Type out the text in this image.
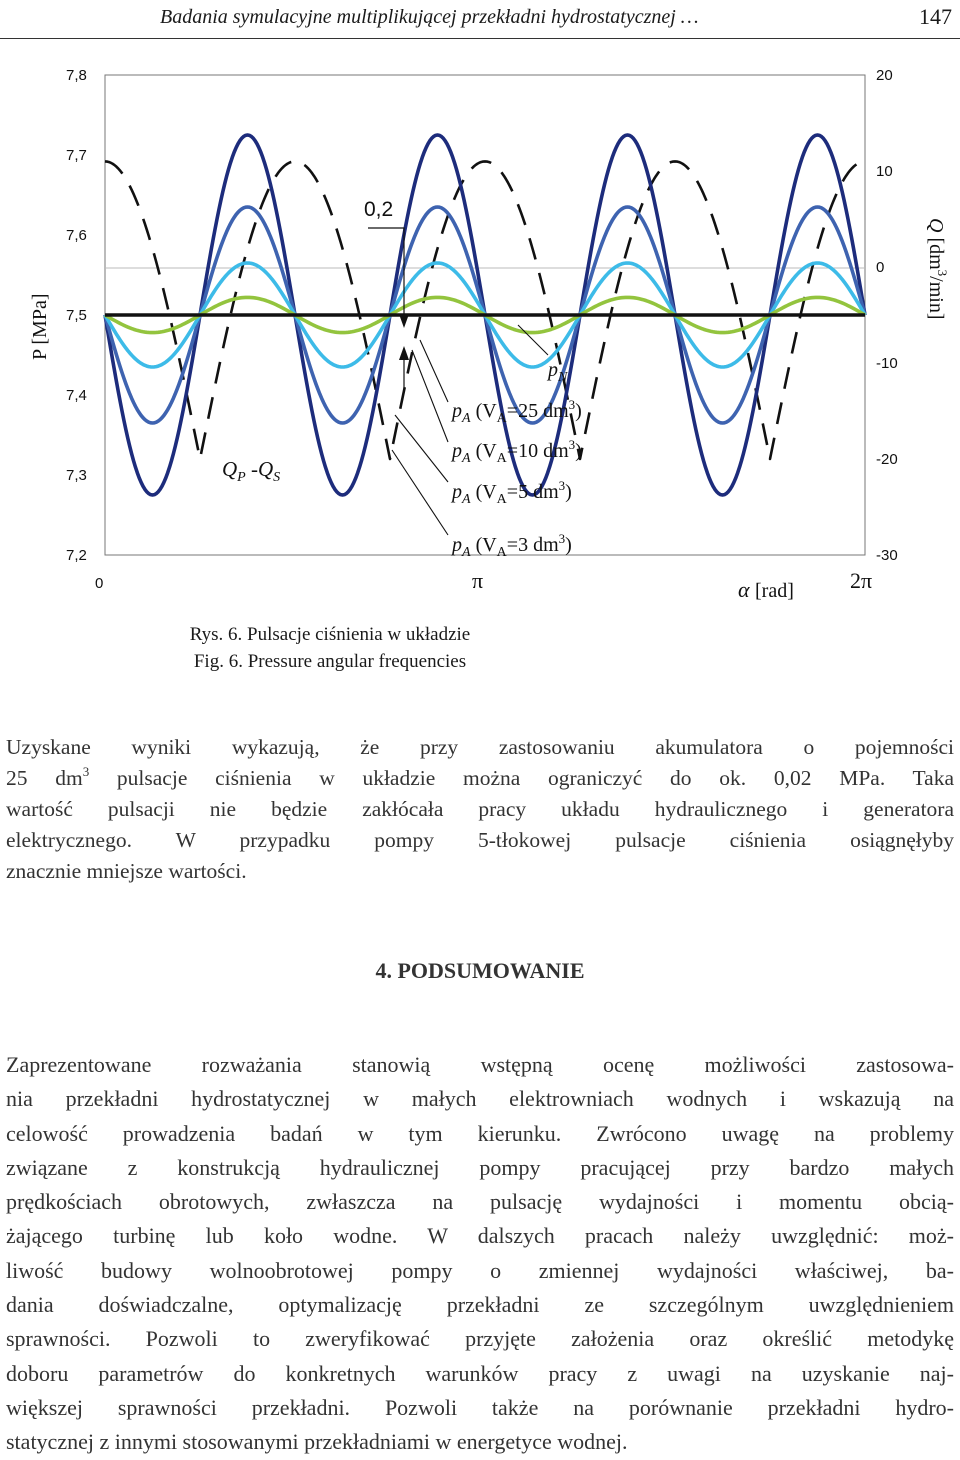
Badania symulacyjne multiplikującej przekładni hydrostatycznej …	147
7,8
7,7
7,6
7,5
7,4
7,3
7,2
20
10
0
-10
-20
-30
0	π	2π
α [rad]
P [MPa]
Q $[dm^3/\min]$
0,2
$p_N$
$p_A$ ($V_A=25$ $dm^3$)
$p_A$ ($V_A=10$ $dm^3$)
$p_A$ ($V_A=5$ $dm^3$)
$p_A$ ($V_A=3$ $dm^3$)
$Q_P$ $-Q_S$
Rys. 6. Pulsacje ciśnienia w układzie
Fig. 6. Pressure angular frequencies
Uzyskane wyniki wykazują, że przy zastosowaniu akumulatora o pojemności
25 $dm^3$ pulsacje ciśnienia w układzie można ograniczyć do ok. 0,02 MPa. Taka
wartość pulsacji nie będzie zakłócała pracy układu hydraulicznego i generatora
elektrycznego. W przypadku pompy 5-tłokowej pulsacje ciśnienia osiągnęłyby
znacznie mniejsze wartości.
4. PODSUMOWANIE
Zaprezentowane rozważania stanowią wstępną ocenę możliwości zastosowa-
nia przekładni hydrostatycznej w małych elektrowniach wodnych i wskazują na
celowość prowadzenia badań w tym kierunku. Zwrócono uwagę na problemy
związane z konstrukcją hydraulicznej pompy pracującej przy bardzo małych
prędkościach obrotowych, zwłaszcza na pulsację wydajności i momentu obcią-
żającego turbinę lub koło wodne. W dalszych pracach należy uwzględnić: moż-
liwość budowy wolnoobrotowej pompy o zmiennej wydajności właściwej, ba-
dania doświadczalne, optymalizację przekładni ze szczególnym uwzględnieniem
sprawności. Pozwoli to zweryfikować przyjęte założenia oraz określić metodykę
doboru parametrów do konkretnych warunków pracy z uwagi na uzyskanie naj-
większej sprawności przekładni. Pozwoli także na porównanie przekładni hydro-
statycznej z innymi stosowanymi przekładniami w energetyce wodnej.
